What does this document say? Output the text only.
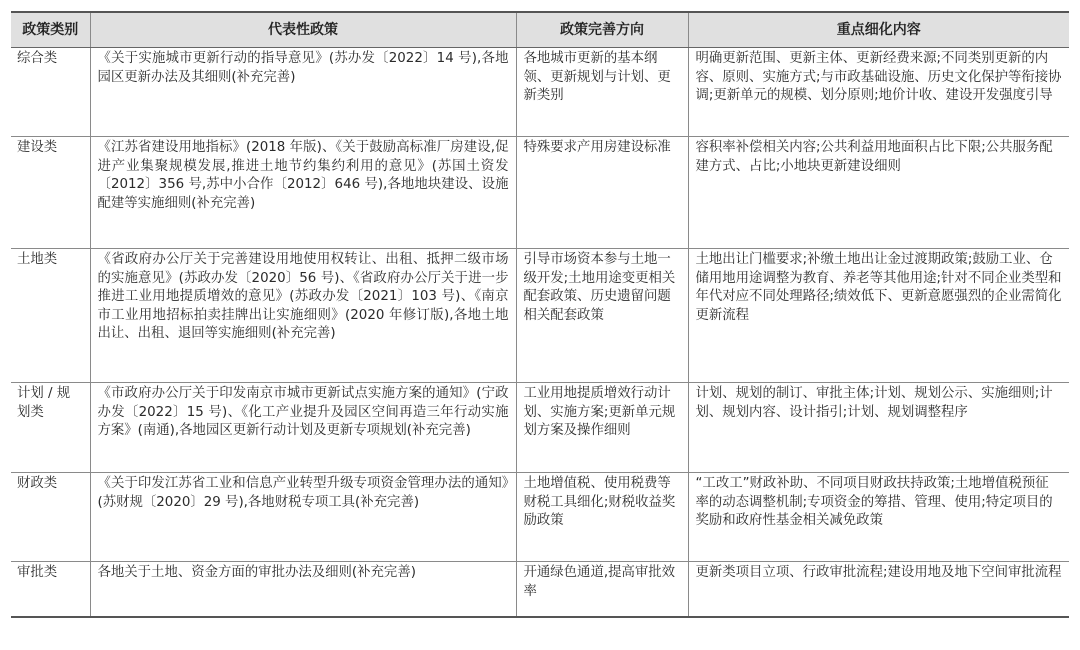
政策类别	代表性政策	政策完善方向	重点细化内容
综合类	《关于实施城市更新行动的指导意见》(苏办发〔2022〕14 号),各地园区更新办法及其细则(补充完善)	各地城市更新的基本纲领、更新规划与计划、更新类别	明确更新范围、更新主体、更新经费来源;不同类别更新的内容、原则、实施方式;与市政基础设施、历史文化保护等衔接协调;更新单元的规模、划分原则;地价计收、建设开发强度引导
建设类	《江苏省建设用地指标》(2018 年版)、《关于鼓励高标准厂房建设,促进产业集聚规模发展,推进土地节约集约利用的意见》(苏国土资发〔2012〕356 号,苏中小合作〔2012〕646 号),各地地块建设、设施配建等实施细则(补充完善)	特殊要求产用房建设标准	容积率补偿相关内容;公共利益用地面积占比下限;公共服务配建方式、占比;小地块更新建设细则
土地类	《省政府办公厅关于完善建设用地使用权转让、出租、抵押二级市场的实施意见》(苏政办发〔2020〕56 号)、《省政府办公厅关于进一步推进工业用地提质增效的意见》(苏政办发〔2021〕103 号)、《南京市工业用地招标拍卖挂牌出让实施细则》(2020 年修订版),各地土地出让、出租、退回等实施细则(补充完善)	引导市场资本参与土地一级开发;土地用途变更相关配套政策、历史遗留问题相关配套政策	土地出让门槛要求;补缴土地出让金过渡期政策;鼓励工业、仓储用地用途调整为教育、养老等其他用途;针对不同企业类型和年代对应不同处理路径;绩效低下、更新意愿强烈的企业需简化更新流程
计划 / 规划类	《市政府办公厅关于印发南京市城市更新试点实施方案的通知》(宁政办发〔2022〕15 号)、《化工产业提升及园区空间再造三年行动实施方案》(南通),各地园区更新行动计划及更新专项规划(补充完善)	工业用地提质增效行动计划、实施方案;更新单元规划方案及操作细则	计划、规划的制订、审批主体;计划、规划公示、实施细则;计划、规划内容、设计指引;计划、规划调整程序
财政类	《关于印发江苏省工业和信息产业转型升级专项资金管理办法的通知》(苏财规〔2020〕29 号),各地财税专项工具(补充完善)	土地增值税、使用税费等财税工具细化;财税收益奖励政策	“工改工”财政补助、不同项目财政扶持政策;土地增值税预征率的动态调整机制;专项资金的筹措、管理、使用;特定项目的奖励和政府性基金相关减免政策
审批类	各地关于土地、资金方面的审批办法及细则(补充完善)	开通绿色通道,提高审批效率	更新类项目立项、行政审批流程;建设用地及地下空间审批流程
